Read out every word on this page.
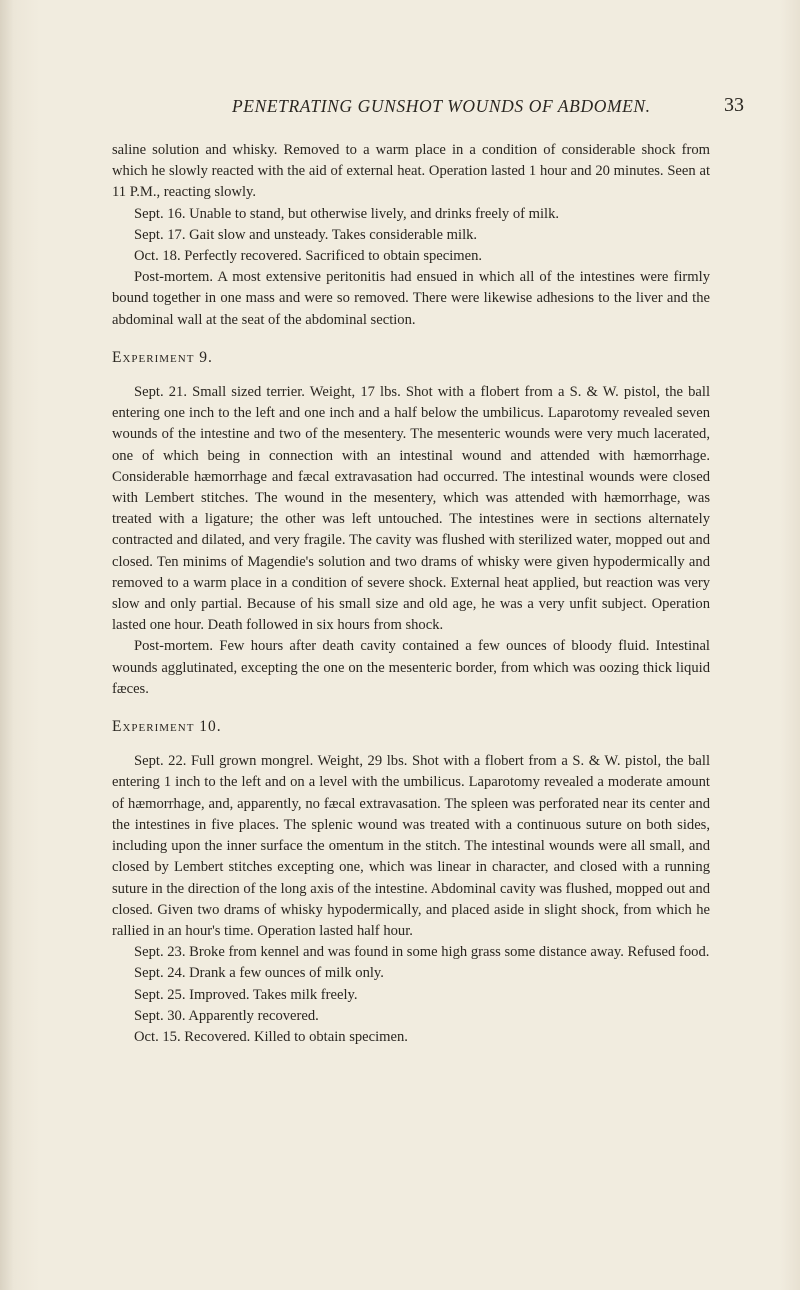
PENETRATING GUNSHOT WOUNDS OF ABDOMEN.	33

saline solution and whisky. Removed to a warm place in a condition of considerable shock from which he slowly reacted with the aid of external heat. Operation lasted 1 hour and 20 minutes. Seen at 11 P.M., reacting slowly.

Sept. 16. Unable to stand, but otherwise lively, and drinks freely of milk.

Sept. 17. Gait slow and unsteady. Takes considerable milk.

Oct. 18. Perfectly recovered. Sacrificed to obtain specimen.

Post-mortem. A most extensive peritonitis had ensued in which all of the intestines were firmly bound together in one mass and were so removed. There were likewise adhesions to the liver and the abdominal wall at the seat of the abdominal section.

Experiment 9.

Sept. 21. Small sized terrier. Weight, 17 lbs. Shot with a flobert from a S. & W. pistol, the ball entering one inch to the left and one inch and a half below the umbilicus. Laparotomy revealed seven wounds of the intestine and two of the mesentery. The mesenteric wounds were very much lacerated, one of which being in connection with an intestinal wound and attended with hæmorrhage. Considerable hæmorrhage and fæcal extravasation had occurred. The intestinal wounds were closed with Lembert stitches. The wound in the mesentery, which was attended with hæmorrhage, was treated with a ligature; the other was left untouched. The intestines were in sections alternately contracted and dilated, and very fragile. The cavity was flushed with sterilized water, mopped out and closed. Ten minims of Magendie's solution and two drams of whisky were given hypodermically and removed to a warm place in a condition of severe shock. External heat applied, but reaction was very slow and only partial. Because of his small size and old age, he was a very unfit subject. Operation lasted one hour. Death followed in six hours from shock.

Post-mortem. Few hours after death cavity contained a few ounces of bloody fluid. Intestinal wounds agglutinated, excepting the one on the mesenteric border, from which was oozing thick liquid fæces.

Experiment 10.

Sept. 22. Full grown mongrel. Weight, 29 lbs. Shot with a flobert from a S. & W. pistol, the ball entering 1 inch to the left and on a level with the umbilicus. Laparotomy revealed a moderate amount of hæmorrhage, and, apparently, no fæcal extravasation. The spleen was perforated near its center and the intestines in five places. The splenic wound was treated with a continuous suture on both sides, including upon the inner surface the omentum in the stitch. The intestinal wounds were all small, and closed by Lembert stitches excepting one, which was linear in character, and closed with a running suture in the direction of the long axis of the intestine. Abdominal cavity was flushed, mopped out and closed. Given two drams of whisky hypodermically, and placed aside in slight shock, from which he rallied in an hour's time. Operation lasted half hour.

Sept. 23. Broke from kennel and was found in some high grass some distance away. Refused food.

Sept. 24. Drank a few ounces of milk only.

Sept. 25. Improved. Takes milk freely.

Sept. 30. Apparently recovered.

Oct. 15. Recovered. Killed to obtain specimen.
